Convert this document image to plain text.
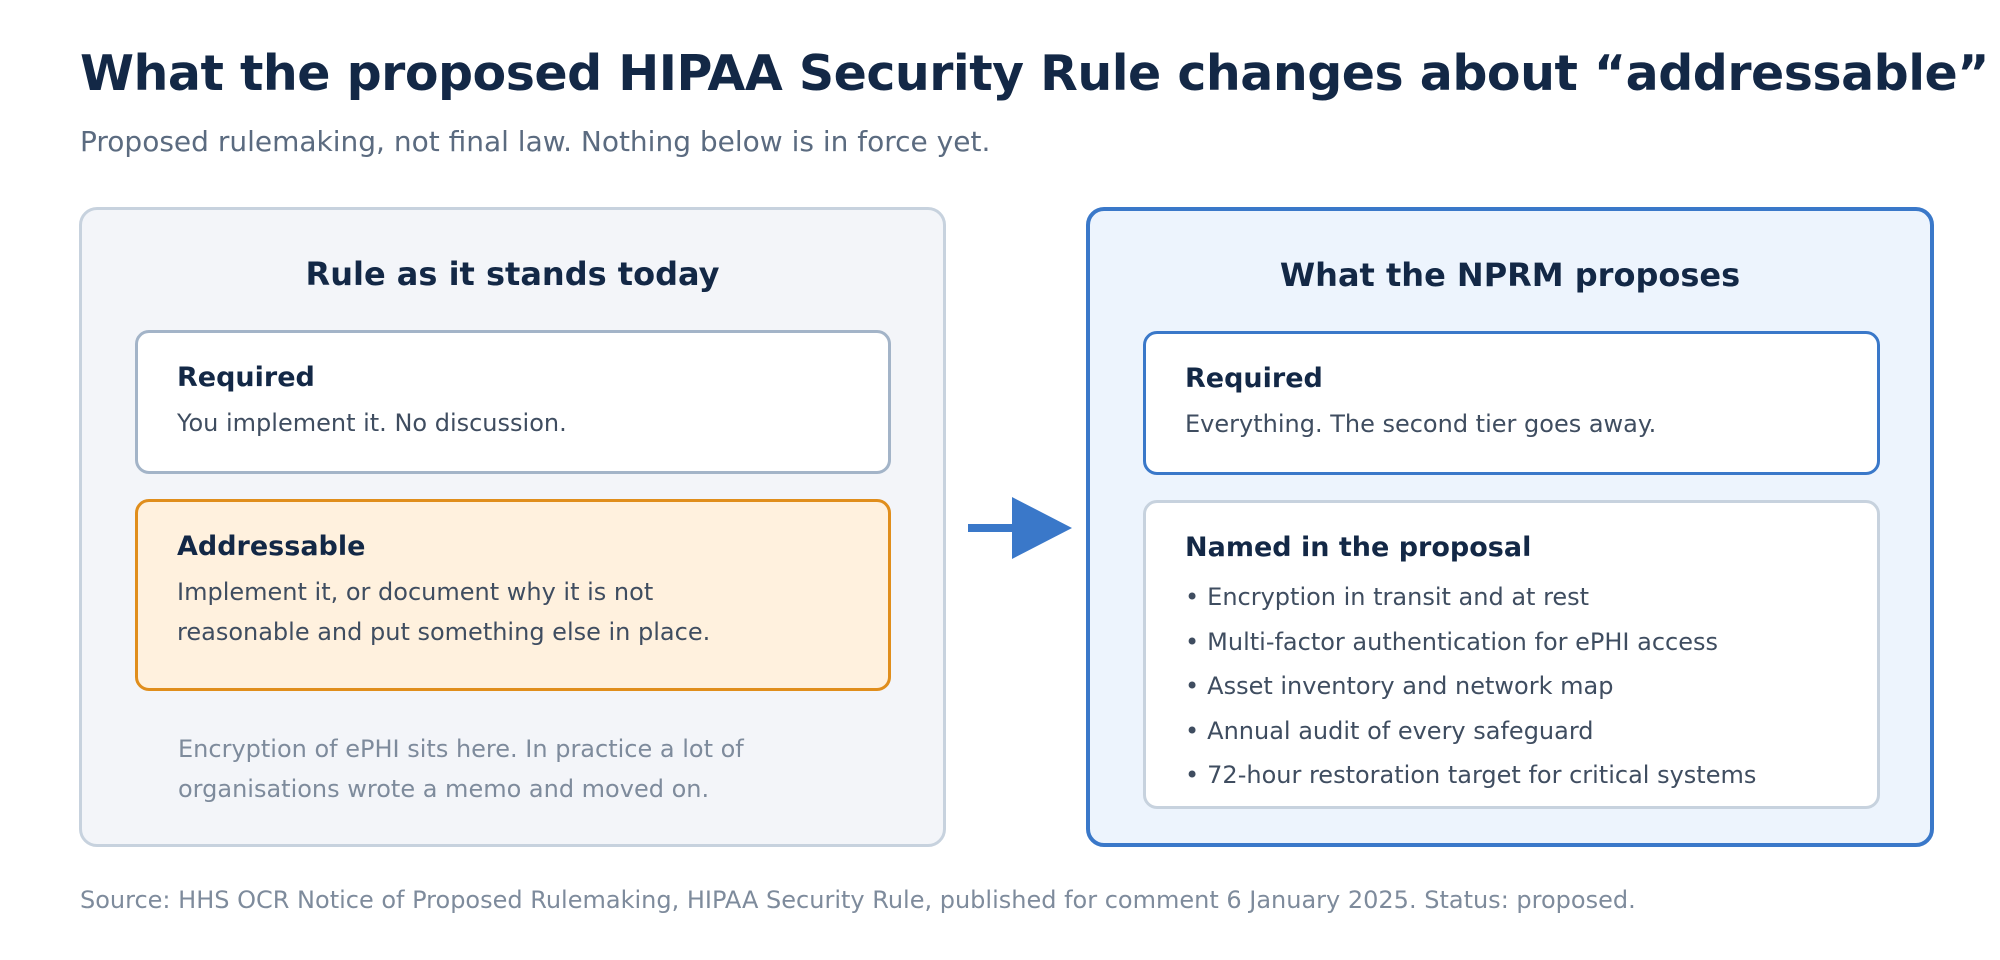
What the proposed HIPAA Security Rule changes about “addressable”

Proposed rulemaking, not final law. Nothing below is in force yet.

Rule as it stands today

Required

You implement it. No discussion.

Addressable

Implement it, or document why it is not reasonable and put something else in place.

Encryption of ePHI sits here. In practice a lot of organisations wrote a memo and moved on.

What the NPRM proposes

Required

Everything. The second tier goes away.

Named in the proposal

• Encryption in transit and at rest
• Multi-factor authentication for ePHI access
• Asset inventory and network map
• Annual audit of every safeguard
• 72-hour restoration target for critical systems

Source: HHS OCR Notice of Proposed Rulemaking, HIPAA Security Rule, published for comment 6 January 2025. Status: proposed.
